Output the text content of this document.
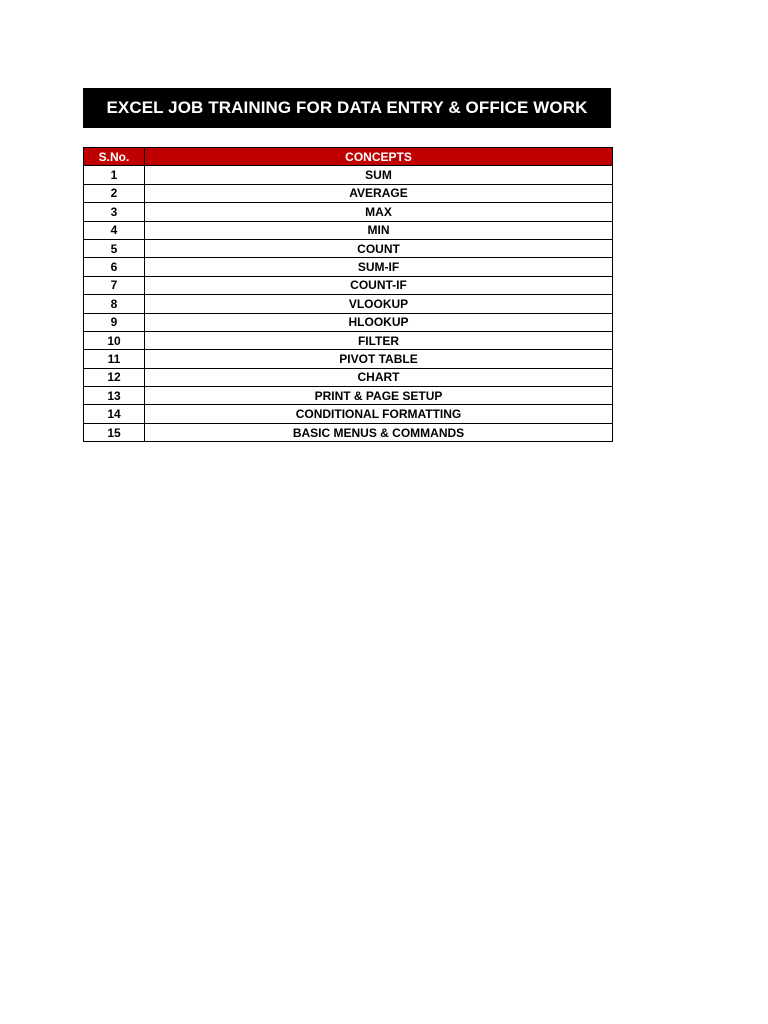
EXCEL JOB TRAINING FOR DATA ENTRY & OFFICE WORK
S.No.	CONCEPTS
1	SUM
2	AVERAGE
3	MAX
4	MIN
5	COUNT
6	SUM-IF
7	COUNT-IF
8	VLOOKUP
9	HLOOKUP
10	FILTER
11	PIVOT TABLE
12	CHART
13	PRINT & PAGE SETUP
14	CONDITIONAL FORMATTING
15	BASIC MENUS & COMMANDS
